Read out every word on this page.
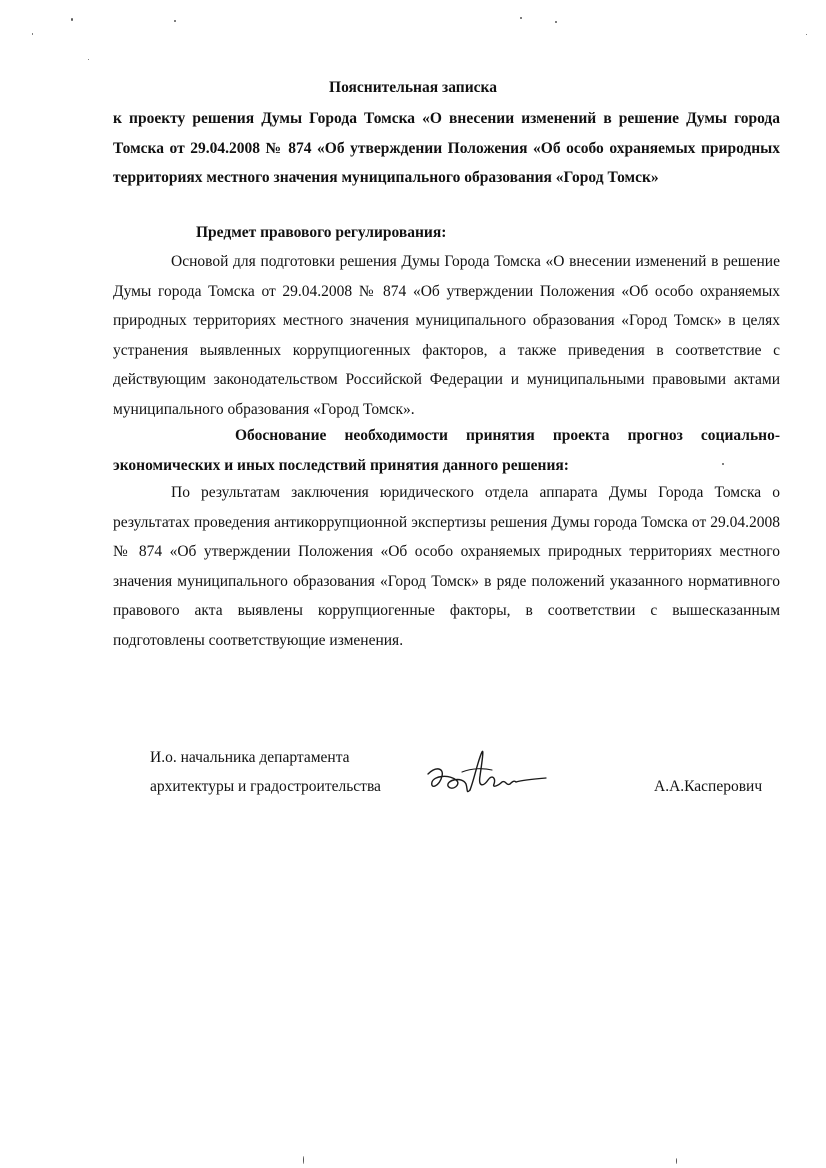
Пояснительная записка
к проекту решения Думы Города Томска «О внесении изменений в решение Думы города Томска от 29.04.2008 № 874 «Об утверждении Положения «Об особо охраняемых природных территориях местного значения муниципального образования «Город Томск»
Предмет правового регулирования:
Основой для подготовки решения Думы Города Томска «О внесении изменений в решение Думы города Томска от 29.04.2008 № 874 «Об утверждении Положения «Об особо охраняемых природных территориях местного значения муниципального образования «Город Томск» в целях устранения выявленных коррупциогенных факторов, а также приведения в соответствие с действующим законодательством Российской Федерации и муниципальными правовыми актами муниципального образования «Город Томск».
Обоснование необходимости принятия проекта прогноз социально-экономических и иных последствий принятия данного решения:
По результатам заключения юридического отдела аппарата Думы Города Томска о результатах проведения антикоррупционной экспертизы решения Думы города Томска от 29.04.2008 № 874 «Об утверждении Положения «Об особо охраняемых природных территориях местного значения муниципального образования «Город Томск» в ряде положений указанного нормативного правового акта выявлены коррупциогенные факторы, в соответствии с вышесказанным подготовлены соответствующие изменения.
И.о. начальника департамента
архитектуры и градостроительства	А.А.Касперович
